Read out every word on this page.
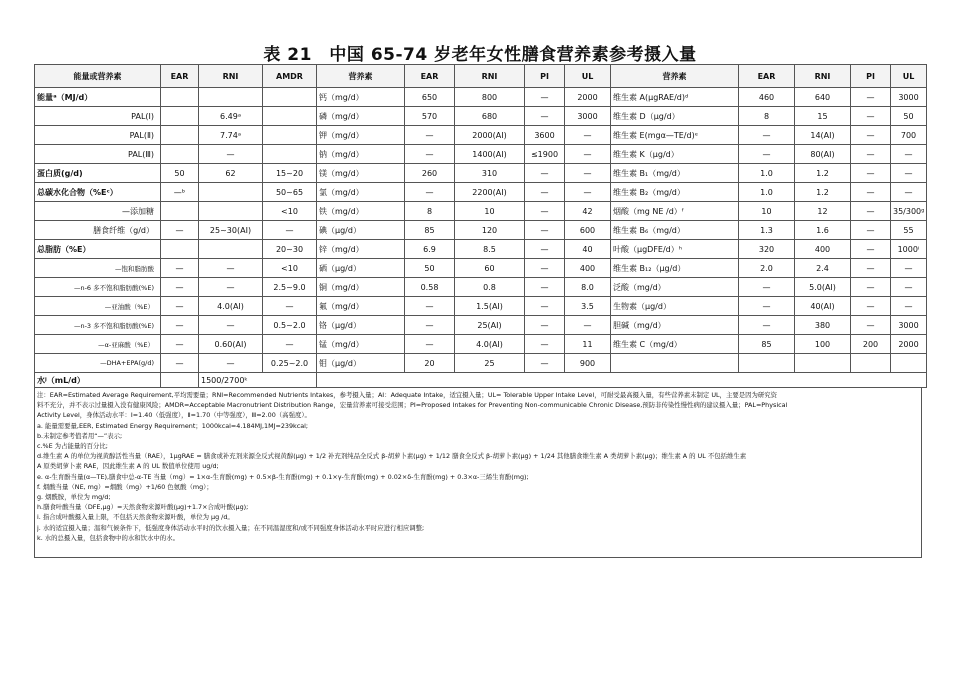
表 21　中国 65-74 岁老年女性膳食营养素参考摄入量
能量或营养素	EAR	RNI	AMDR	营养素	EAR	RNI	PI	UL	营养素	EAR	RNI	PI	UL
能量ᵃ（MJ/d）				钙（mg/d）	650	800	—	2000	维生素 A(μgRAE/d)ᵈ	460	640	—	3000
PAL(Ⅰ)		6.49ᵃ		磷（mg/d）	570	680	—	3000	维生素 D（μg/d）	8	15	—	50
PAL(Ⅱ)		7.74ᵃ		钾（mg/d）	—	2000(AI)	3600	—	维生素 E(mgα—TE/d)ᵉ	—	14(AI)	—	700
PAL(Ⅲ)		—		钠（mg/d）	—	1400(AI)	≤1900	—	维生素 K（μg/d）	—	80(AI)	—	—
蛋白质(g/d)	50	62	15~20	镁（mg/d）	260	310	—	—	维生素 B₁（mg/d）	1.0	1.2	—	—
总碳水化合物（%Eᶜ）	—ᵇ		50~65	氯（mg/d）	—	2200(AI)	—	—	维生素 B₂（mg/d）	1.0	1.2	—	—
—添加糖			<10	铁（mg/d）	8	10	—	42	烟酸（mg NE /d）ᶠ	10	12	—	35/300ᵍ
膳食纤维（g/d）	—	25~30(AI)	—	碘（μg/d）	85	120	—	600	维生素 B₆（mg/d）	1.3	1.6	—	55
总脂肪（%E）			20~30	锌（mg/d）	6.9	8.5	—	40	叶酸（μgDFE/d）ʰ	320	400	—	1000ⁱ
—饱和脂肪酸	—	—	<10	硒（μg/d）	50	60	—	400	维生素 B₁₂（μg/d）	2.0	2.4	—	—
—n-6 多不饱和脂肪酸(%E)	—	—	2.5~9.0	铜（mg/d）	0.58	0.8	—	8.0	泛酸（mg/d）	—	5.0(AI)	—	—
—亚油酸（%E）	—	4.0(AI)	—	氟（mg/d）	—	1.5(AI)	—	3.5	生物素（μg/d）	—	40(AI)	—	—
—n-3 多不饱和脂肪酸(%E)	—	—	0.5~2.0	铬（μg/d）	—	25(AI)	—	—	胆碱（mg/d）	—	380	—	3000
—α-亚麻酸（%E）	—	0.60(AI)	—	锰（mg/d）	—	4.0(AI)	—	11	维生素 C（mg/d）	85	100	200	2000
—DHA+EPA(g/d)	—	—	0.25~2.0	钼（μg/d）	20	25	—	900					
水ʲ（mL/d）		1500/2700ᵏ											
注：EAR=Estimated Average Requirement,平均需要量；RNI=Recommended Nutrients Intakes，参考摄入量；AI：Adequate Intake，适宜摄入量；UL= Tolerable Upper Intake Level，可耐受最高摄入量，有些营养素未制定 UL，主要是因为研究资
料不充分，并不表示过量摄入没有健康风险；AMDR=Acceptable Macronutrient Distribution Range，宏量营养素可接受范围；PI=Proposed Intakes for Preventing Non-communicable Chronic Disease,预防非传染性慢性病的建议摄入量；PAL=Physical
Activity Level，身体活动水平：Ⅰ=1.40（低强度），Ⅱ=1.70（中等强度），Ⅲ=2.00（高强度）。
a. 能量需要量,EER, Estimated Energy Requirement；1000kcal=4.184MJ,1MJ=239kcal;
b.未制定参考值者用“—”表示;
c.%E 为占能量的百分比;
d.维生素 A 的单位为视黄醇活性当量（RAE），1μgRAE = 膳食或补充剂来源全反式视黄醇(μg) + 1/2 补充剂纯品全反式 β-胡萝卜素(μg) + 1/12 膳食全反式 β-胡萝卜素(μg) + 1/24 其他膳食维生素 A 类胡萝卜素(μg)；维生素 A 的 UL 不包括维生素
A 原类胡萝卜素 RAE，因此维生素 A 的 UL 数值单位使用 ug/d;
e. α-生育酚当量(α—TE),膳食中总-α-TE 当量（mg）= 1×α-生育酚(mg) + 0.5×β-生育酚(mg) + 0.1×γ-生育酚(mg) + 0.02×δ-生育酚(mg) + 0.3×α-三烯生育酚(mg);
f. 烟酸当量（NE, mg）=烟酸（mg）+1/60 色氨酸（mg）；
g. 烟酰胺，单位为 mg/d;
h.膳食叶酸当量（DFE,μg）=天然食物来源叶酸(μg)+1.7×合成叶酸(μg);
i. 指合成叶酸摄入量上限，不包括天然食物来源叶酸，单位为 μg /d。
j. 水的适宜摄入量；温和气候条件下，低强度身体活动水平时的饮水摄入量；在不同温湿度和/或不同强度身体活动水平时应进行相应调整;
k. 水的总摄入量，包括食物中的水和饮水中的水。
